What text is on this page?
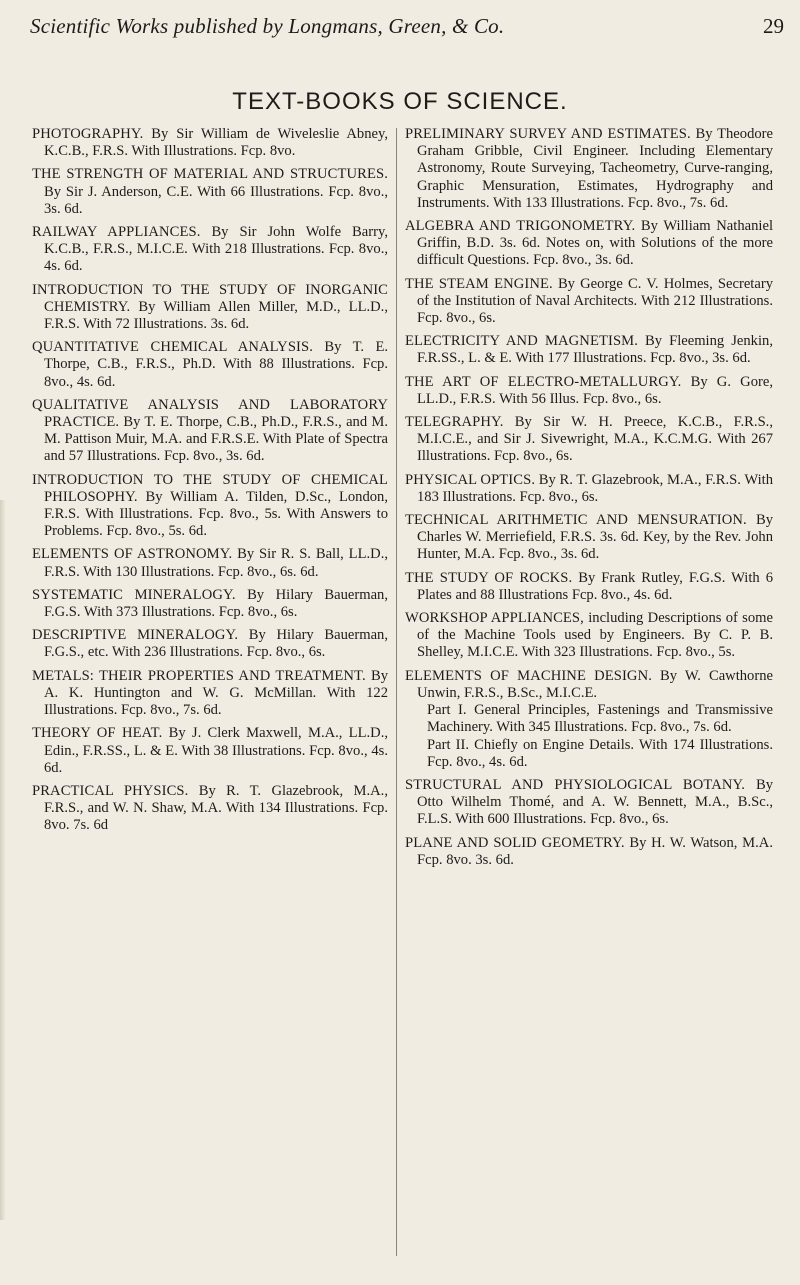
Scientific Works published by Longmans, Green, & Co.	29
TEXT-BOOKS OF SCIENCE.

PHOTOGRAPHY. By Sir William de Wiveleslie Abney, K.C.B., F.R.S. With Illustrations. Fcp. 8vo.

THE STRENGTH OF MATERIAL AND STRUCTURES. By Sir J. Anderson, C.E. With 66 Illustrations. Fcp. 8vo., 3s. 6d.

RAILWAY APPLIANCES. By Sir John Wolfe Barry, K.C.B., F.R.S., M.I.C.E. With 218 Illustrations. Fcp. 8vo., 4s. 6d.

INTRODUCTION TO THE STUDY OF INORGANIC CHEMISTRY. By William Allen Miller, M.D., LL.D., F.R.S. With 72 Illustrations. 3s. 6d.

QUANTITATIVE CHEMICAL ANALYSIS. By T. E. Thorpe, C.B., F.R.S., Ph.D. With 88 Illustrations. Fcp. 8vo., 4s. 6d.

QUALITATIVE ANALYSIS AND LABORATORY PRACTICE. By T. E. Thorpe, C.B., Ph.D., F.R.S., and M. M. Pattison Muir, M.A. and F.R.S.E. With Plate of Spectra and 57 Illustrations. Fcp. 8vo., 3s. 6d.

INTRODUCTION TO THE STUDY OF CHEMICAL PHILOSOPHY. By William A. Tilden, D.Sc., London, F.R.S. With Illustrations. Fcp. 8vo., 5s. With Answers to Problems. Fcp. 8vo., 5s. 6d.

ELEMENTS OF ASTRONOMY. By Sir R. S. Ball, LL.D., F.R.S. With 130 Illustrations. Fcp. 8vo., 6s. 6d.

SYSTEMATIC MINERALOGY. By Hilary Bauerman, F.G.S. With 373 Illustrations. Fcp. 8vo., 6s.

DESCRIPTIVE MINERALOGY. By Hilary Bauerman, F.G.S., etc. With 236 Illustrations. Fcp. 8vo., 6s.

METALS: THEIR PROPERTIES AND TREATMENT. By A. K. Huntington and W. G. McMillan. With 122 Illustrations. Fcp. 8vo., 7s. 6d.

THEORY OF HEAT. By J. Clerk Maxwell, M.A., LL.D., Edin., F.R.SS., L. & E. With 38 Illustrations. Fcp. 8vo., 4s. 6d.

PRACTICAL PHYSICS. By R. T. Glazebrook, M.A., F.R.S., and W. N. Shaw, M.A. With 134 Illustrations. Fcp. 8vo. 7s. 6d

PRELIMINARY SURVEY AND ESTIMATES. By Theodore Graham Gribble, Civil Engineer. Including Elementary Astronomy, Route Surveying, Tacheometry, Curve-ranging, Graphic Mensuration, Estimates, Hydrography and Instruments. With 133 Illustrations. Fcp. 8vo., 7s. 6d.

ALGEBRA AND TRIGONOMETRY. By William Nathaniel Griffin, B.D. 3s. 6d. Notes on, with Solutions of the more difficult Questions. Fcp. 8vo., 3s. 6d.

THE STEAM ENGINE. By George C. V. Holmes, Secretary of the Institution of Naval Architects. With 212 Illustrations. Fcp. 8vo., 6s.

ELECTRICITY AND MAGNETISM. By Fleeming Jenkin, F.R.SS., L. & E. With 177 Illustrations. Fcp. 8vo., 3s. 6d.

THE ART OF ELECTRO-METALLURGY. By G. Gore, LL.D., F.R.S. With 56 Illus. Fcp. 8vo., 6s.

TELEGRAPHY. By Sir W. H. Preece, K.C.B., F.R.S., M.I.C.E., and Sir J. Sivewright, M.A., K.C.M.G. With 267 Illustrations. Fcp. 8vo., 6s.

PHYSICAL OPTICS. By R. T. Glazebrook, M.A., F.R.S. With 183 Illustrations. Fcp. 8vo., 6s.

TECHNICAL ARITHMETIC AND MENSURATION. By Charles W. Merriefield, F.R.S. 3s. 6d. Key, by the Rev. John Hunter, M.A. Fcp. 8vo., 3s. 6d.

THE STUDY OF ROCKS. By Frank Rutley, F.G.S. With 6 Plates and 88 Illustrations Fcp. 8vo., 4s. 6d.

WORKSHOP APPLIANCES, including Descriptions of some of the Machine Tools used by Engineers. By C. P. B. Shelley, M.I.C.E. With 323 Illustrations. Fcp. 8vo., 5s.

ELEMENTS OF MACHINE DESIGN. By W. Cawthorne Unwin, F.R.S., B.Sc., M.I.C.E.
Part I. General Principles, Fastenings and Transmissive Machinery. With 345 Illustrations. Fcp. 8vo., 7s. 6d.
Part II. Chiefly on Engine Details. With 174 Illustrations. Fcp. 8vo., 4s. 6d.

STRUCTURAL AND PHYSIOLOGICAL BOTANY. By Otto Wilhelm Thomé, and A. W. Bennett, M.A., B.Sc., F.L.S. With 600 Illustrations. Fcp. 8vo., 6s.

PLANE AND SOLID GEOMETRY. By H. W. Watson, M.A. Fcp. 8vo. 3s. 6d.
